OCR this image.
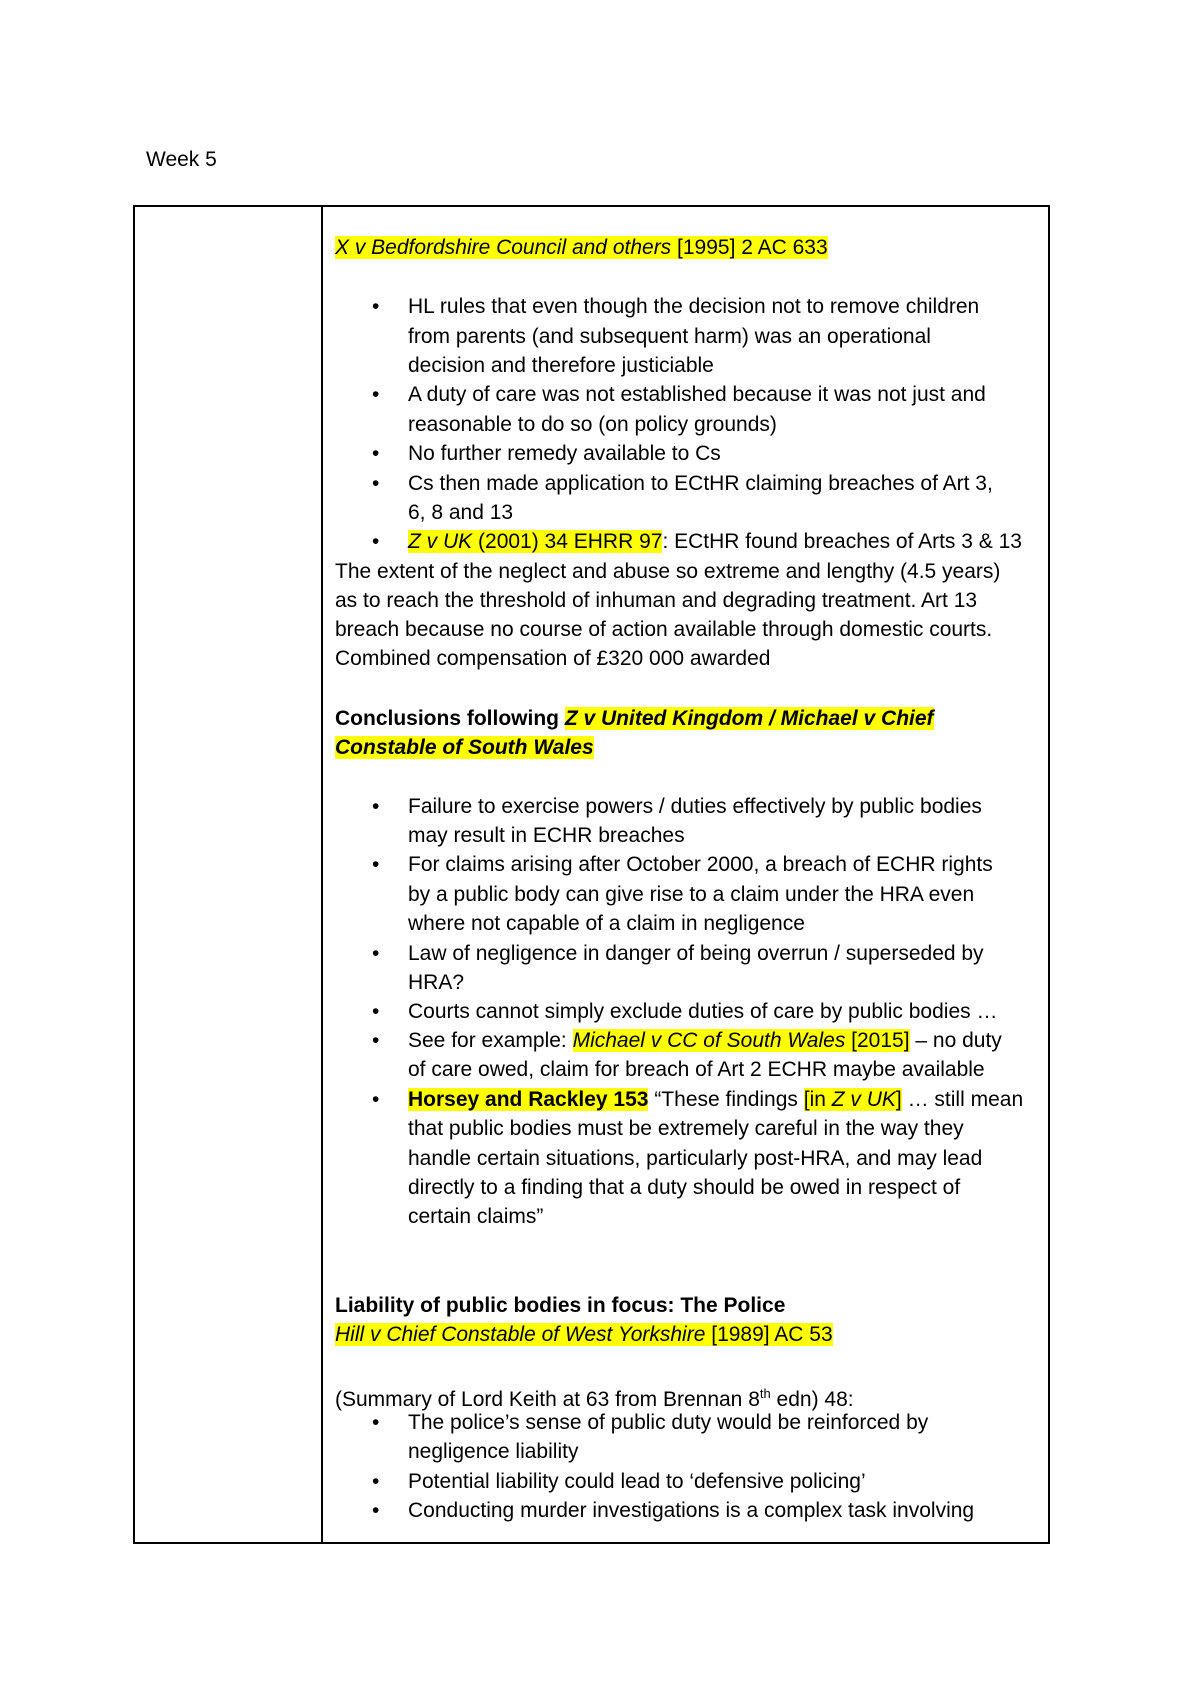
Week 5
X v Bedfordshire Council and others [1995] 2 AC 633
• HL rules that even though the decision not to remove children
from parents (and subsequent harm) was an operational
decision and therefore justiciable
• A duty of care was not established because it was not just and
reasonable to do so (on policy grounds)
• No further remedy available to Cs
• Cs then made application to ECtHR claiming breaches of Art 3,
6, 8 and 13
• Z v UK (2001) 34 EHRR 97: ECtHR found breaches of Arts 3 & 13
The extent of the neglect and abuse so extreme and lengthy (4.5 years)
as to reach the threshold of inhuman and degrading treatment. Art 13
breach because no course of action available through domestic courts.
Combined compensation of £320 000 awarded
Conclusions following Z v United Kingdom / Michael v Chief
Constable of South Wales
• Failure to exercise powers / duties effectively by public bodies
may result in ECHR breaches
• For claims arising after October 2000, a breach of ECHR rights
by a public body can give rise to a claim under the HRA even
where not capable of a claim in negligence
• Law of negligence in danger of being overrun / superseded by
HRA?
• Courts cannot simply exclude duties of care by public bodies …
• See for example: Michael v CC of South Wales [2015] – no duty
of care owed, claim for breach of Art 2 ECHR maybe available
• Horsey and Rackley 153 “These findings [in Z v UK] … still mean
that public bodies must be extremely careful in the way they
handle certain situations, particularly post-HRA, and may lead
directly to a finding that a duty should be owed in respect of
certain claims”
Liability of public bodies in focus: The Police
Hill v Chief Constable of West Yorkshire [1989] AC 53
(Summary of Lord Keith at 63 from Brennan 8th edn) 48:
• The police’s sense of public duty would be reinforced by
negligence liability
• Potential liability could lead to ‘defensive policing’
• Conducting murder investigations is a complex task involving
